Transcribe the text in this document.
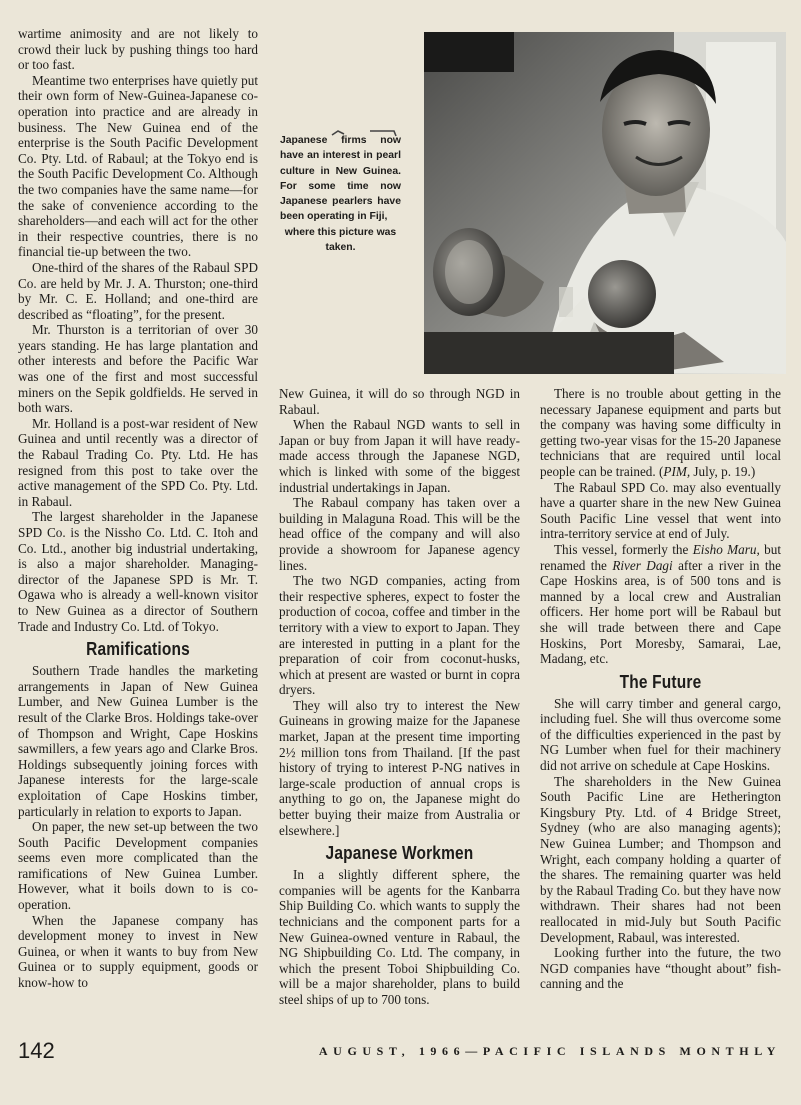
wartime animosity and are not likely to crowd their luck by pushing things too hard or too fast.

Meantime two enterprises have quietly put their own form of New-Guinea-Japanese co-operation into practice and are already in business. The New Guinea end of the enterprise is the South Pacific Development Co. Pty. Ltd. of Rabaul; at the Tokyo end is the South Pacific Development Co. Although the two companies have the same name—for the sake of convenience according to the shareholders—and each will act for the other in their respective countries, there is no financial tie-up between the two.

One-third of the shares of the Rabaul SPD Co. are held by Mr. J. A. Thurston; one-third by Mr. C. E. Holland; and one-third are described as “floating”, for the present.

Mr. Thurston is a territorian of over 30 years standing. He has large plantation and other interests and before the Pacific War was one of the first and most successful miners on the Sepik goldfields. He served in both wars.

Mr. Holland is a post-war resident of New Guinea and until recently was a director of the Rabaul Trading Co. Pty. Ltd. He has resigned from this post to take over the active management of the SPD Co. Pty. Ltd. in Rabaul.

The largest shareholder in the Japanese SPD Co. is the Nissho Co. Ltd. C. Itoh and Co. Ltd., another big industrial undertaking, is also a major shareholder. Managing-director of the Japanese SPD is Mr. T. Ogawa who is already a well-known visitor to New Guinea as a director of Southern Trade and Industry Co. Ltd. of Tokyo.

Ramifications

Southern Trade handles the marketing arrangements in Japan of New Guinea Lumber, and New Guinea Lumber is the result of the Clarke Bros. Holdings take-over of Thompson and Wright, Cape Hoskins sawmillers, a few years ago and Clarke Bros. Holdings subsequently joining forces with Japanese interests for the large-scale exploitation of Cape Hoskins timber, particularly in relation to exports to Japan.

On paper, the new set-up between the two South Pacific Development companies seems even more complicated than the ramifications of New Guinea Lumber. However, what it boils down to is co-operation.

When the Japanese company has development money to invest in New Guinea, or when it wants to buy from New Guinea or to supply equipment, goods or know-how to

Japanese firms now have an interest in pearl culture in New Guinea. For some time now Japanese pearlers have been operating in Fiji,
where this picture was taken.

New Guinea, it will do so through NGD in Rabaul.

When the Rabaul NGD wants to sell in Japan or buy from Japan it will have ready-made access through the Japanese NGD, which is linked with some of the biggest industrial undertakings in Japan.

The Rabaul company has taken over a building in Malaguna Road. This will be the head office of the company and will also provide a showroom for Japanese agency lines.

The two NGD companies, acting from their respective spheres, expect to foster the production of cocoa, coffee and timber in the territory with a view to export to Japan. They are interested in putting in a plant for the preparation of coir from coconut-husks, which at present are wasted or burnt in copra dryers.

They will also try to interest the New Guineans in growing maize for the Japanese market, Japan at the present time importing 2½ million tons from Thailand. [If the past history of trying to interest P-NG natives in large-scale production of annual crops is anything to go on, the Japanese might do better buying their maize from Australia or elsewhere.]

Japanese Workmen

In a slightly different sphere, the companies will be agents for the Kanbarra Ship Building Co. which wants to supply the technicians and the component parts for a New Guinea-owned venture in Rabaul, the NG Shipbuilding Co. Ltd. The company, in which the present Toboi Shipbuilding Co. will be a major shareholder, plans to build steel ships of up to 700 tons.

There is no trouble about getting in the necessary Japanese equipment and parts but the company was having some difficulty in getting two-year visas for the 15-20 Japanese technicians that are required until local people can be trained. (PIM, July, p. 19.)

The Rabaul SPD Co. may also eventually have a quarter share in the new New Guinea South Pacific Line vessel that went into intra-territory service at end of July.

This vessel, formerly the Eisho Maru, but renamed the River Dagi after a river in the Cape Hoskins area, is of 500 tons and is manned by a local crew and Australian officers. Her home port will be Rabaul but she will trade between there and Cape Hoskins, Port Moresby, Samarai, Lae, Madang, etc.

The Future

She will carry timber and general cargo, including fuel. She will thus overcome some of the difficulties experienced in the past by NG Lumber when fuel for their machinery did not arrive on schedule at Cape Hoskins.

The shareholders in the New Guinea South Pacific Line are Hetherington Kingsbury Pty. Ltd. of 4 Bridge Street, Sydney (who are also managing agents); New Guinea Lumber; and Thompson and Wright, each company holding a quarter of the shares. The remaining quarter was held by the Rabaul Trading Co. but they have now withdrawn. Their shares had not been reallocated in mid-July but South Pacific Development, Rabaul, was interested.

Looking further into the future, the two NGD companies have “thought about” fish-canning and the

142	AUGUST, 1966—PACIFIC ISLANDS MONTHLY
